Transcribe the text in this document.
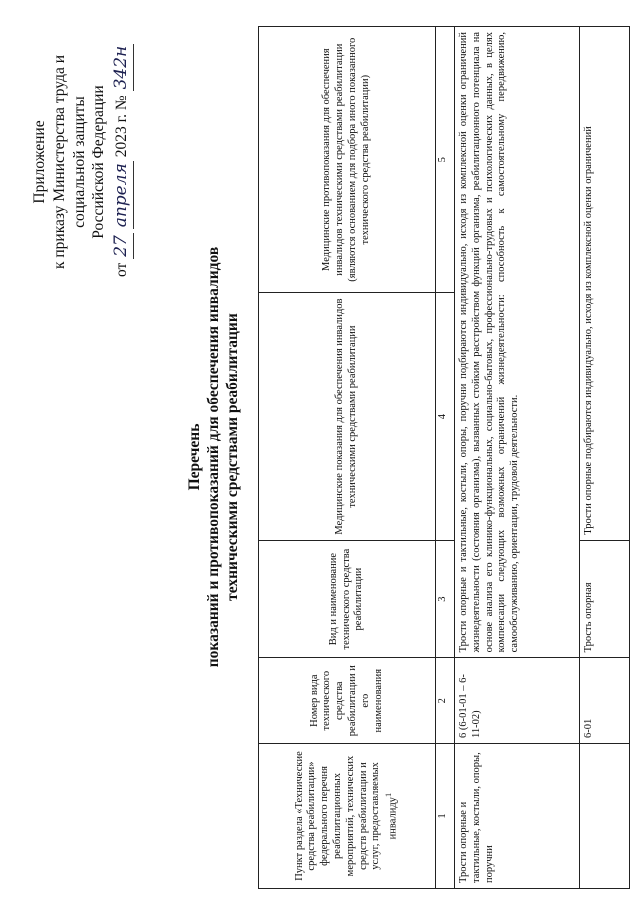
Приложение к приказу Министерства труда и социальной защиты Российской Федерации
от 27 апреля 2023 г. № 342н
Перечень показаний и противопоказаний для обеспечения инвалидов техническими средствами реабилитации
Пункт раздела «Технические средства реабилитации» федерального перечня реабилитационных мероприятий, технических средств реабилитации и услуг, предоставляемых инвалиду$^1$	Номер вида технического средства реабилитации и его наименования	Вид и наименование технического средства реабилитации	Медицинские показания для обеспечения инвалидов техническими средствами реабилитации	Медицинские противопоказания для обеспечения инвалидов техническими средствами реабилитации (являются основанием для подбора иного показанного технического средства реабилитации)
1	2	3	4	5
Трости опорные и тактильные, костыли, опоры, поручни	6 (6-01-01 – 6-11-02)	Трости опорные и тактильные, костыли, опоры, поручни подбираются индивидуально, исходя из комплексной оценки ограничений жизнедеятельности (состояния организма), вызванных стойким расстройством функций организма, реабилитационного потенциала на основе анализа его клинико-функциональных, социально-бытовых, профессионально-трудовых и психологических данных, в целях компенсации следующих возможных ограничений жизнедеятельности: способность к самостоятельному передвижению, самообслуживанию, ориентации, трудовой деятельности.		
	6-01	Трость опорная	Трости опорные подбираются индивидуально, исходя из комплексной оценки ограничений	
